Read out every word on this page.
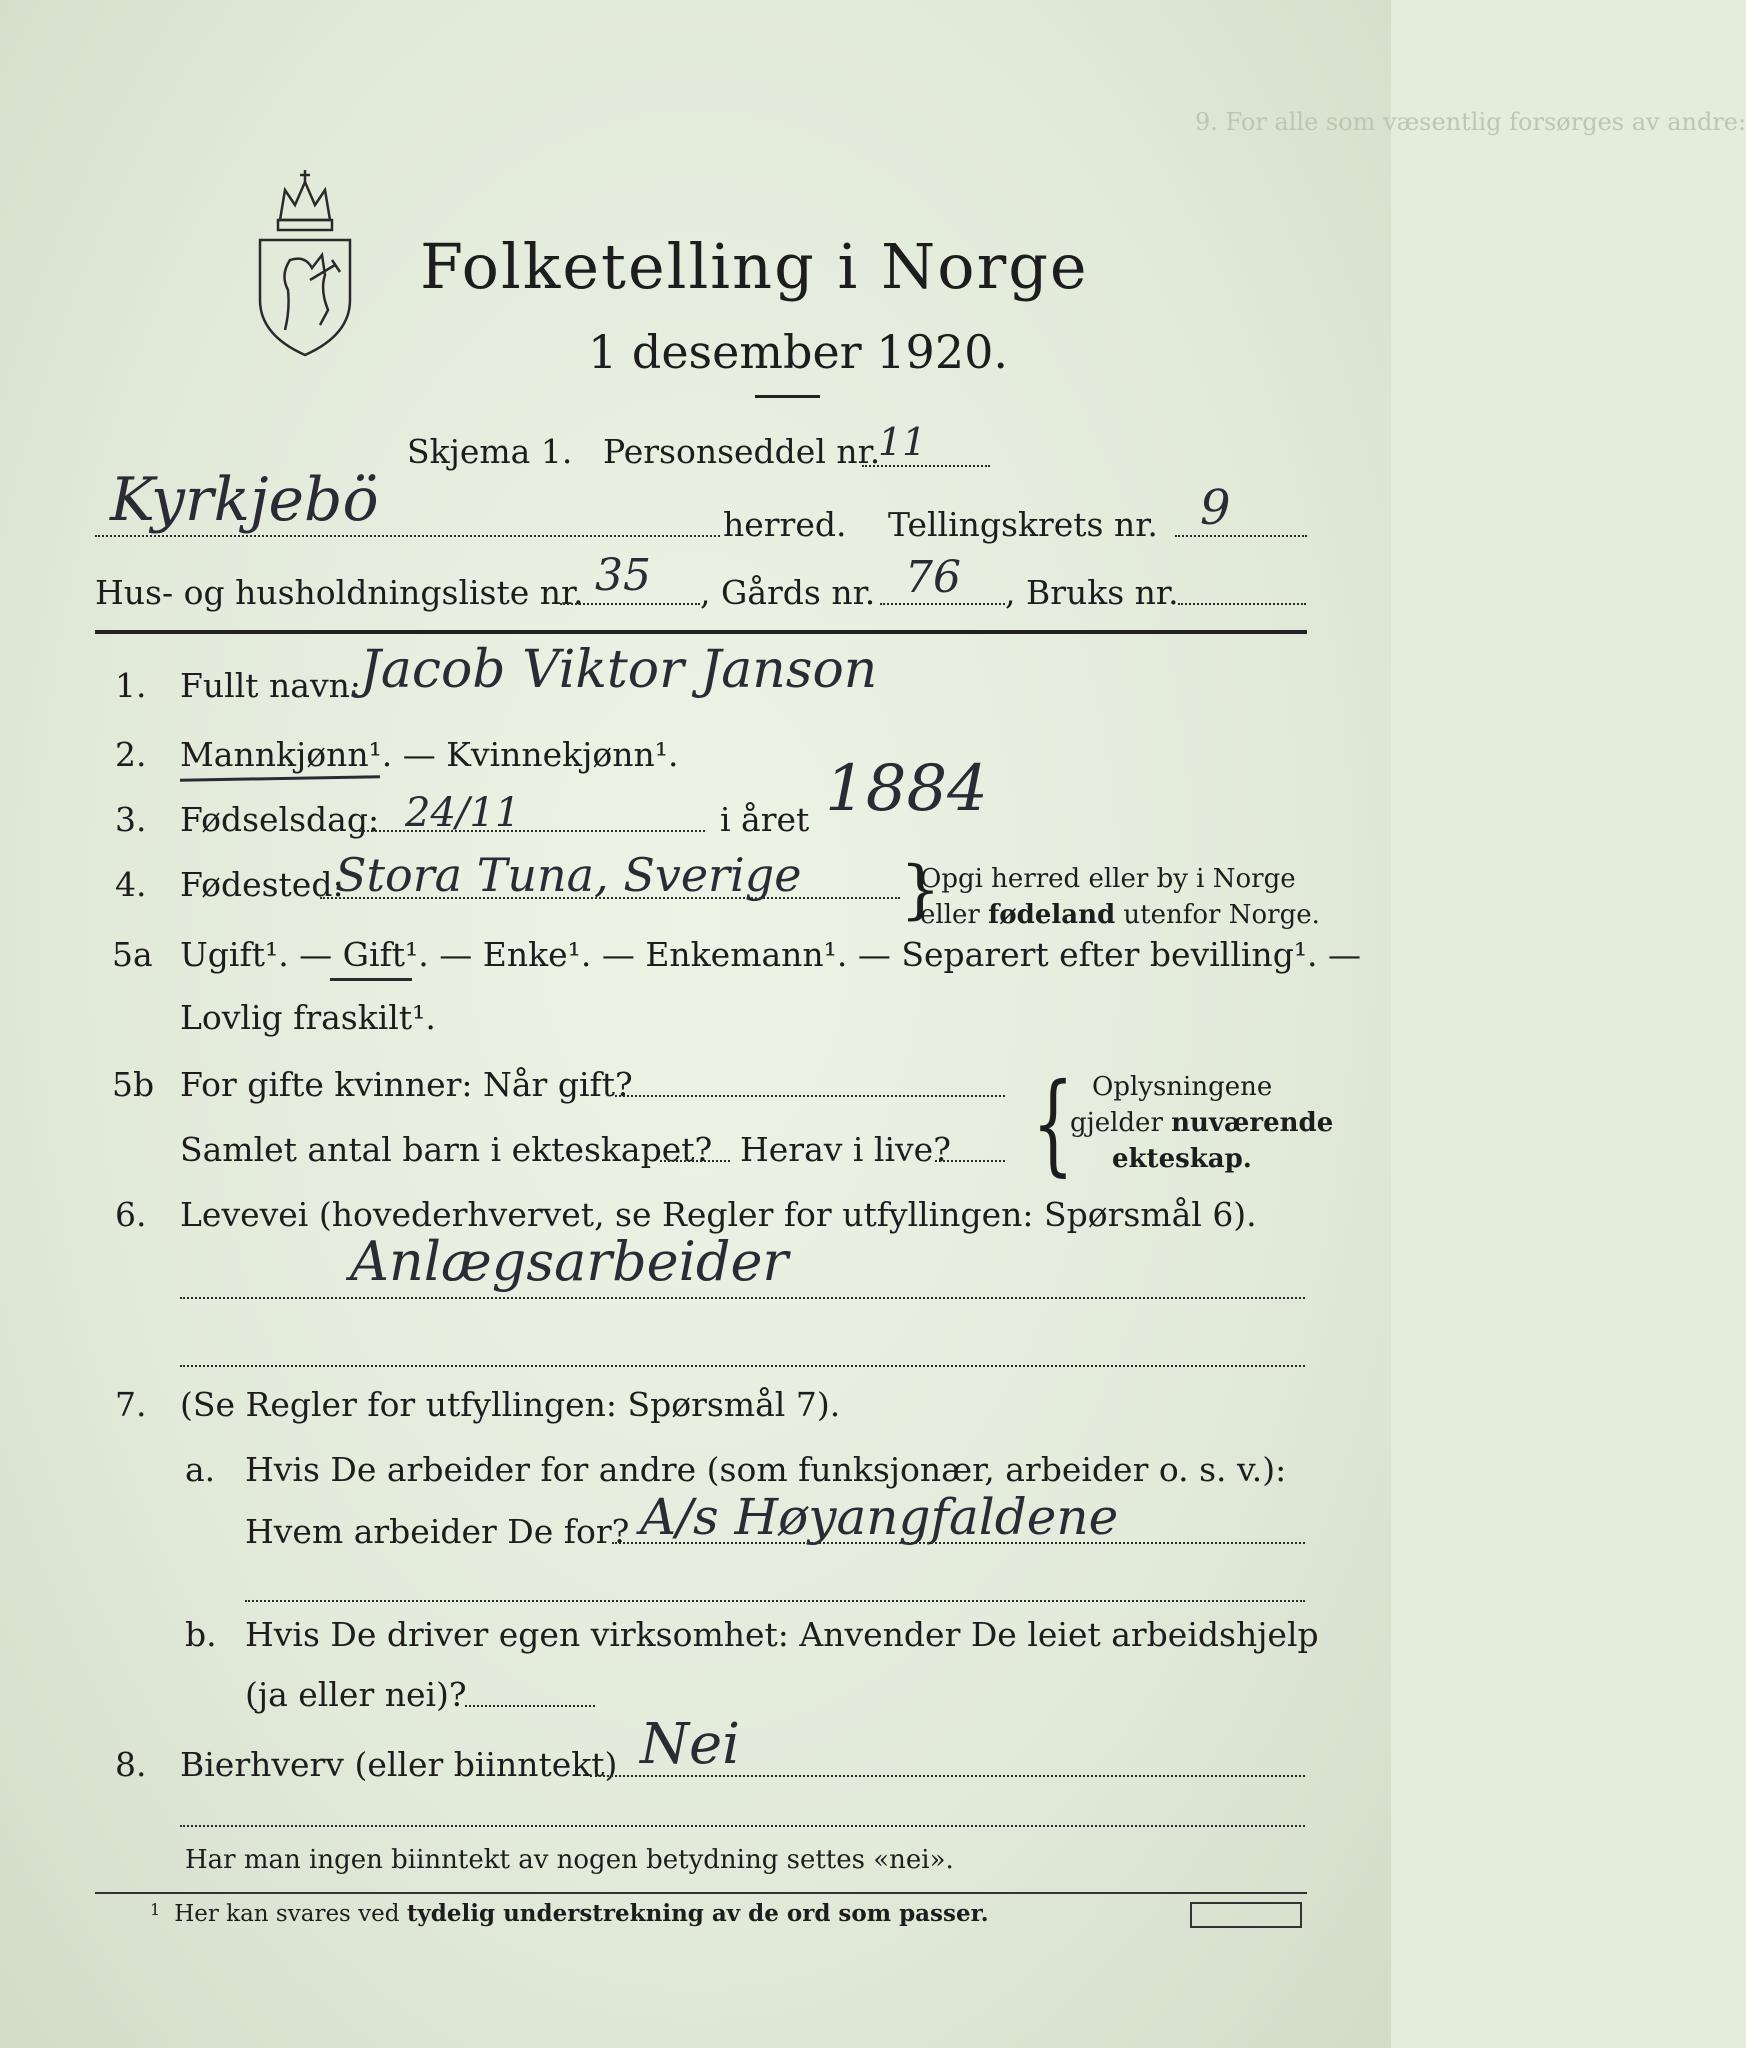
9. For alle som væsentlig forsørges av andre:
Folketelling i Norge
1 desember 1920.
Skjema 1. Personseddel nr.
11
Kyrkjebö	herred. Tellingskrets nr. 9
Hus- og husholdningsliste nr. 35 , Gårds nr. 76 , Bruks nr.
1. Fullt navn: Jacob Viktor Janson
2. Mannkjønn¹. — Kvinnekjønn¹.
3. Fødselsdag: 24/11	i året 1884
4. Fødested:
Stora Tuna, Sverige }
Opgi herred eller by i Norge
eller fødeland utenfor Norge.
5a Ugift¹. — Gift¹. — Enke¹. — Enkemann¹. — Separert efter bevilling¹. —
Lovlig fraskilt¹.
5b For gifte kvinner: Når gift?
Samlet antal barn i ekteskapet? Herav i live? { Oplysningene
gjelder nuværende
ekteskap.
6. Levevei (hovederhvervet, se Regler for utfyllingen: Spørsmål 6).
Anlægsarbeider
7. (Se Regler for utfyllingen: Spørsmål 7).
a. Hvis De arbeider for andre (som funksjonær, arbeider o. s. v.):
Hvem arbeider De for? A/s Høyangfaldene
b. Hvis De driver egen virksomhet: Anvender De leiet arbeidshjelp
(ja eller nei)?
8. Bierhverv (eller biinntekt) Nei
Har man ingen biinntekt av nogen betydning settes «nei».
$^1$ Her kan svares ved tydelig understrekning av de ord som passer.
